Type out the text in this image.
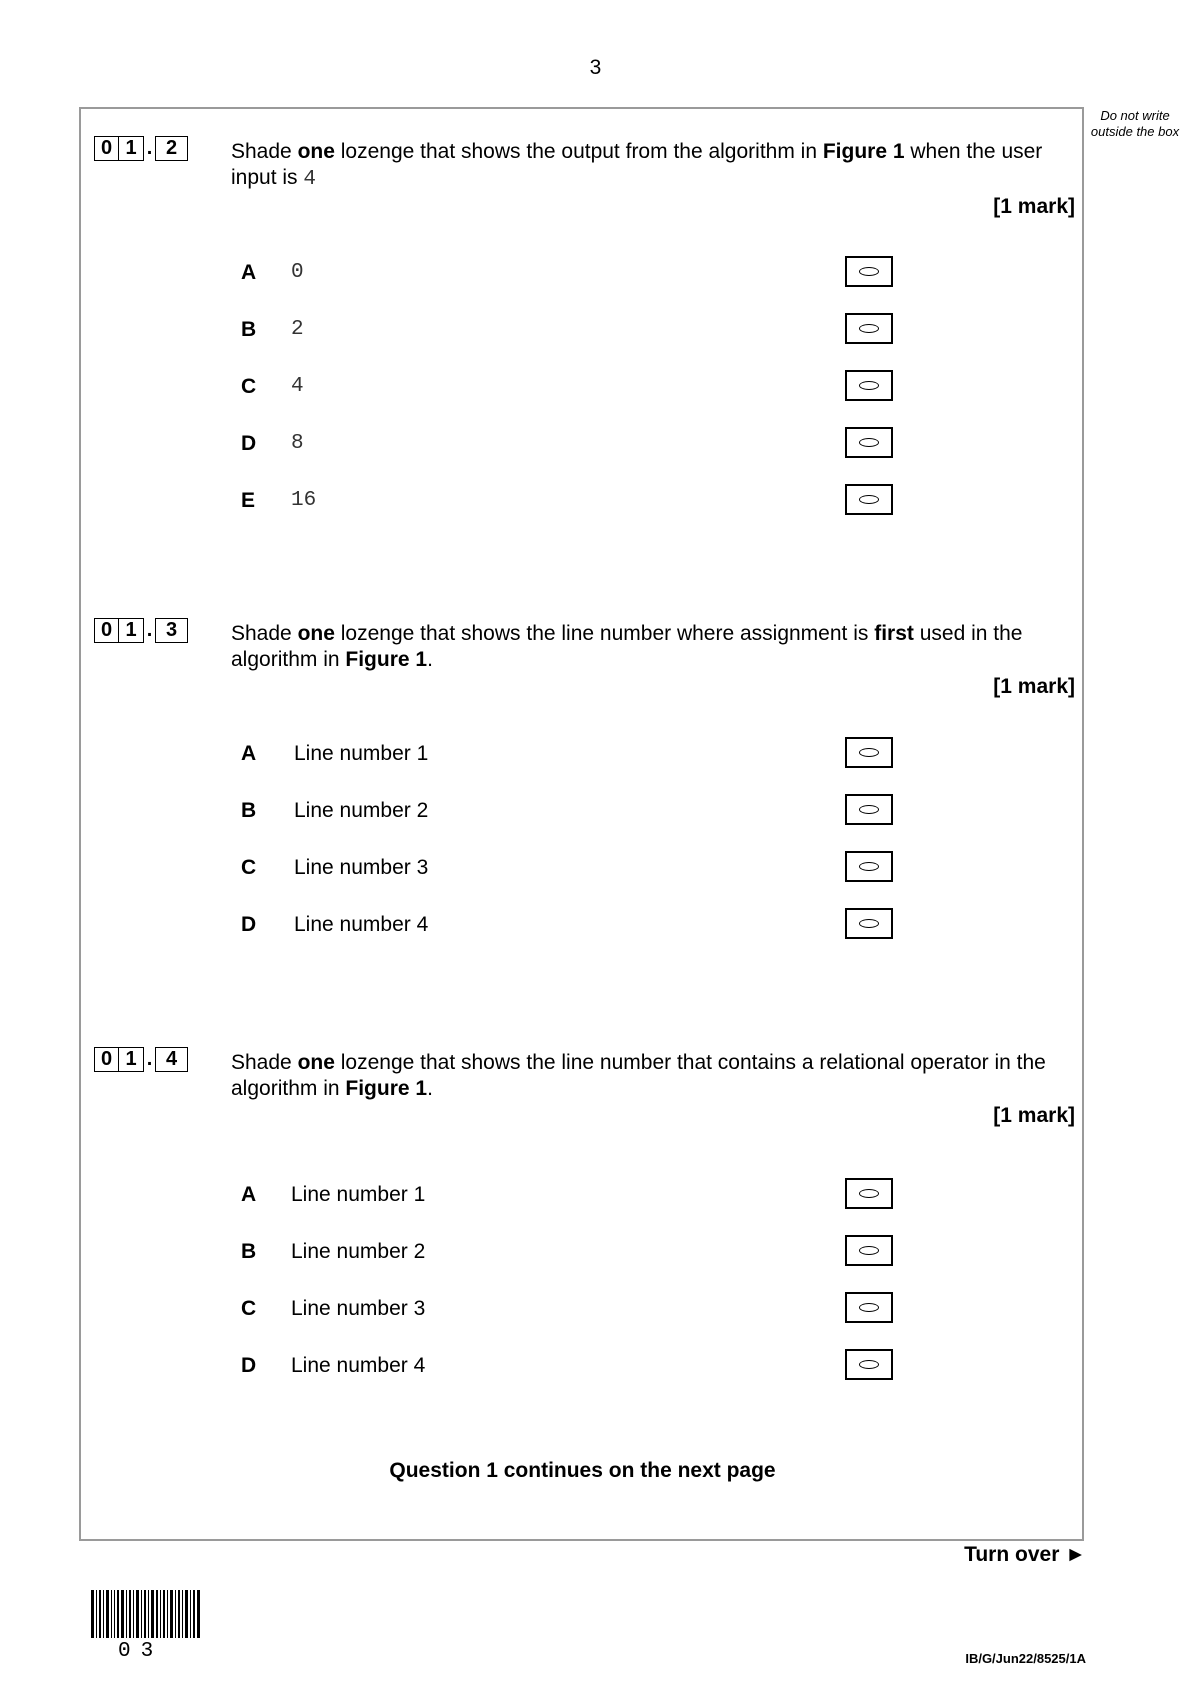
3
Do not write outside the box
0 1 . 2	Shade one lozenge that shows the output from the algorithm in Figure 1 when the user input is 4
[1 mark]
A 0
B 2
C 4
D 8
E 16
0 1 . 3	Shade one lozenge that shows the line number where assignment is first used in the algorithm in Figure 1.
[1 mark]
A Line number 1
B Line number 2
C Line number 3
D Line number 4
0 1 . 4	Shade one lozenge that shows the line number that contains a relational operator in the algorithm in Figure 1.
[1 mark]
A Line number 1
B Line number 2
C Line number 3
D Line number 4
Question 1 continues on the next page
Turn over ►
03	IB/G/Jun22/8525/1A
